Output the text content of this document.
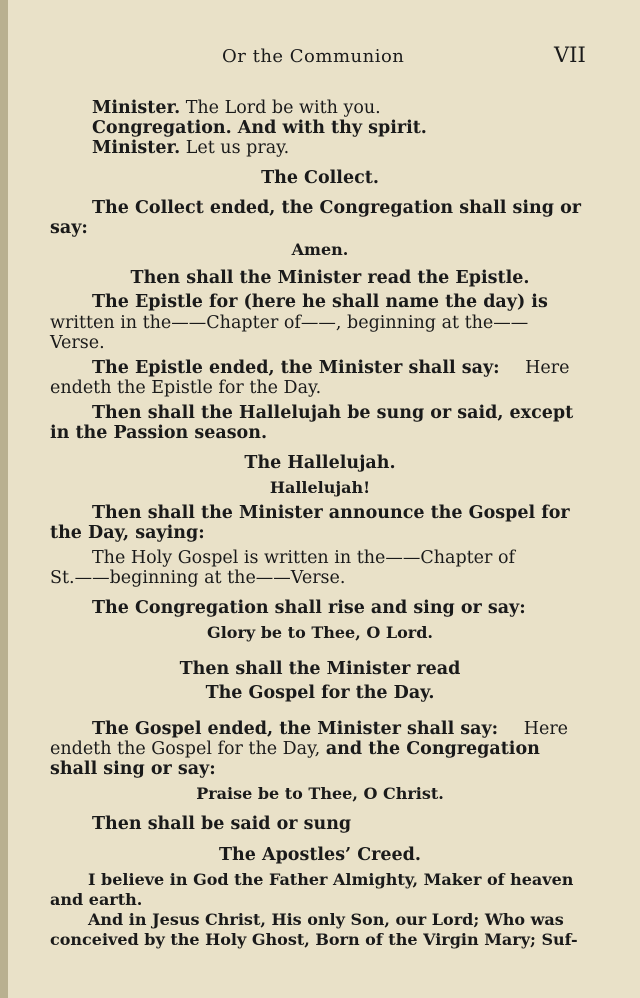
Or the Communion	VII
Minister. The Lord be with you.
Congregation. And with thy spirit.
Minister. Let us pray.
The Collect.
The Collect ended, the Congregation shall sing or
say:
Amen.
Then shall the Minister read the Epistle.
The Epistle for (here he shall name the day) is
written in the——Chapter of——, beginning at the——
Verse.
The Epistle ended, the Minister shall say: Here
endeth the Epistle for the Day.
Then shall the Hallelujah be sung or said, except
in the Passion season.
The Hallelujah.
Hallelujah!
Then shall the Minister announce the Gospel for
the Day, saying:
The Holy Gospel is written in the——Chapter of
St.——beginning at the——Verse.
The Congregation shall rise and sing or say:
Glory be to Thee, O Lord.
Then shall the Minister read
The Gospel for the Day.
The Gospel ended, the Minister shall say: Here
endeth the Gospel for the Day, and the Congregation
shall sing or say:
Praise be to Thee, O Christ.
Then shall be said or sung
The Apostles’ Creed.
I believe in God the Father Almighty, Maker of heaven
and earth.
And in Jesus Christ, His only Son, our Lord; Who was
conceived by the Holy Ghost, Born of the Virgin Mary; Suf-
